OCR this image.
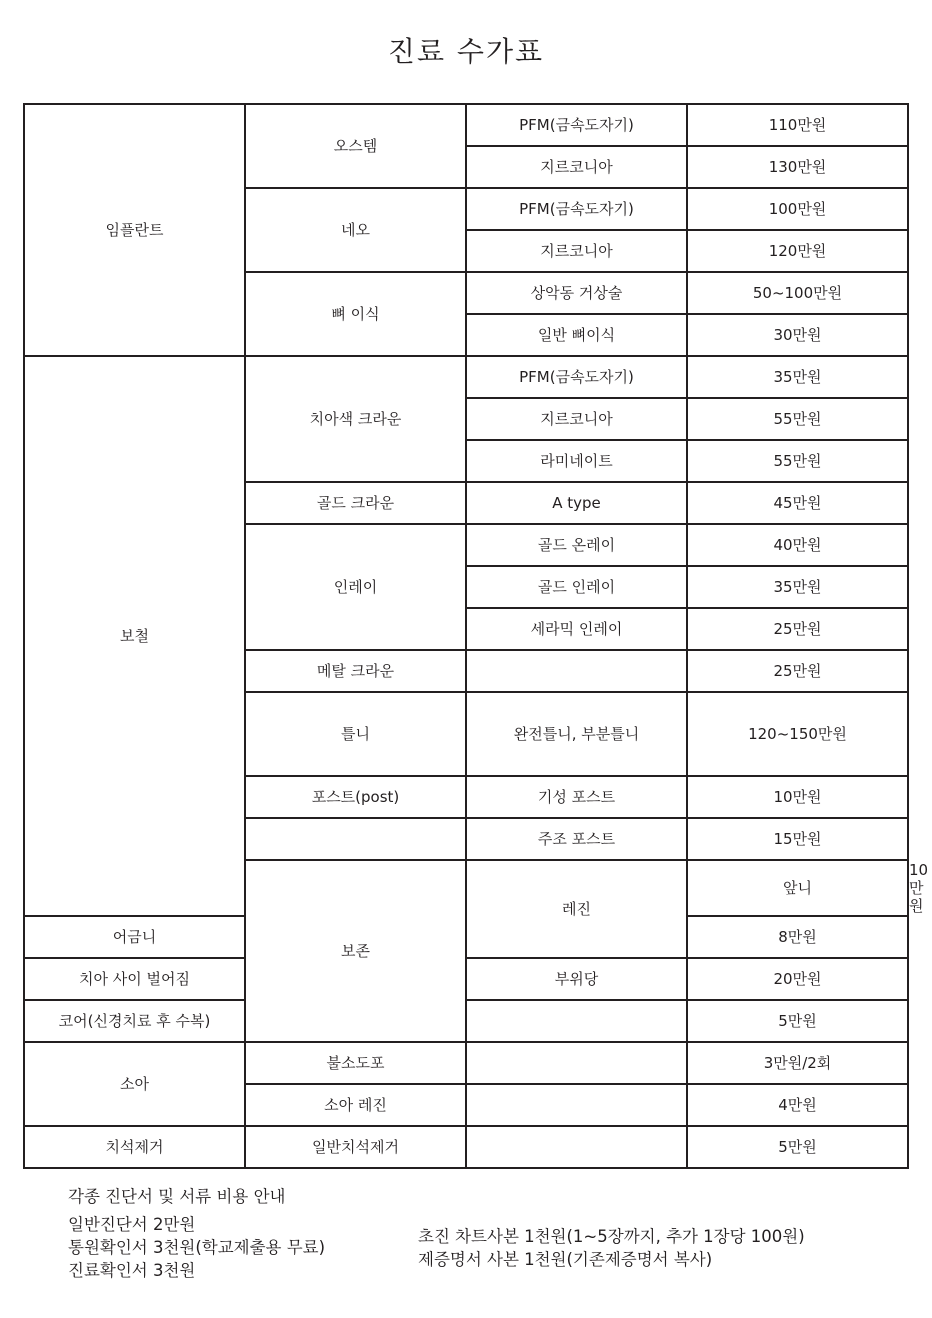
진료 수가표
임플란트	오스템	PFM(금속도자기)	110만원	
		지르코니아	130만원	
	네오	PFM(금속도자기)	100만원	
		지르코니아	120만원	
	뼈 이식	상악동 거상술	50~100만원	
		일반 뼈이식	30만원	
보철	치아색 크라운	PFM(금속도자기)	35만원	
		지르코니아	55만원	
		라미네이트	55만원	
	골드 크라운	A type	45만원	
	인레이	골드 온레이	40만원	
		골드 인레이	35만원	
		세라믹 인레이	25만원	
	메탈 크라운		25만원	
	틀니	완전틀니, 부분틀니	120~150만원	
	포스트(post)	기성 포스트	10만원	
		주조 포스트	15만원	
	보존	레진	앞니	10만원
어금니			8만원	
치아 사이 벌어짐		부위당	20만원	
코어(신경치료 후 수복)			5만원	
소아	불소도포		3만원/2회	
	소아 레진		4만원	
치석제거	일반치석제거		5만원	
각종 진단서 및 서류 비용 안내
일반진단서 2만원
통원확인서 3천원(학교제출용 무료)
진료확인서 3천원
초진 차트사본 1천원(1~5장까지, 추가 1장당 100원)
제증명서 사본 1천원(기존제증명서 복사)
